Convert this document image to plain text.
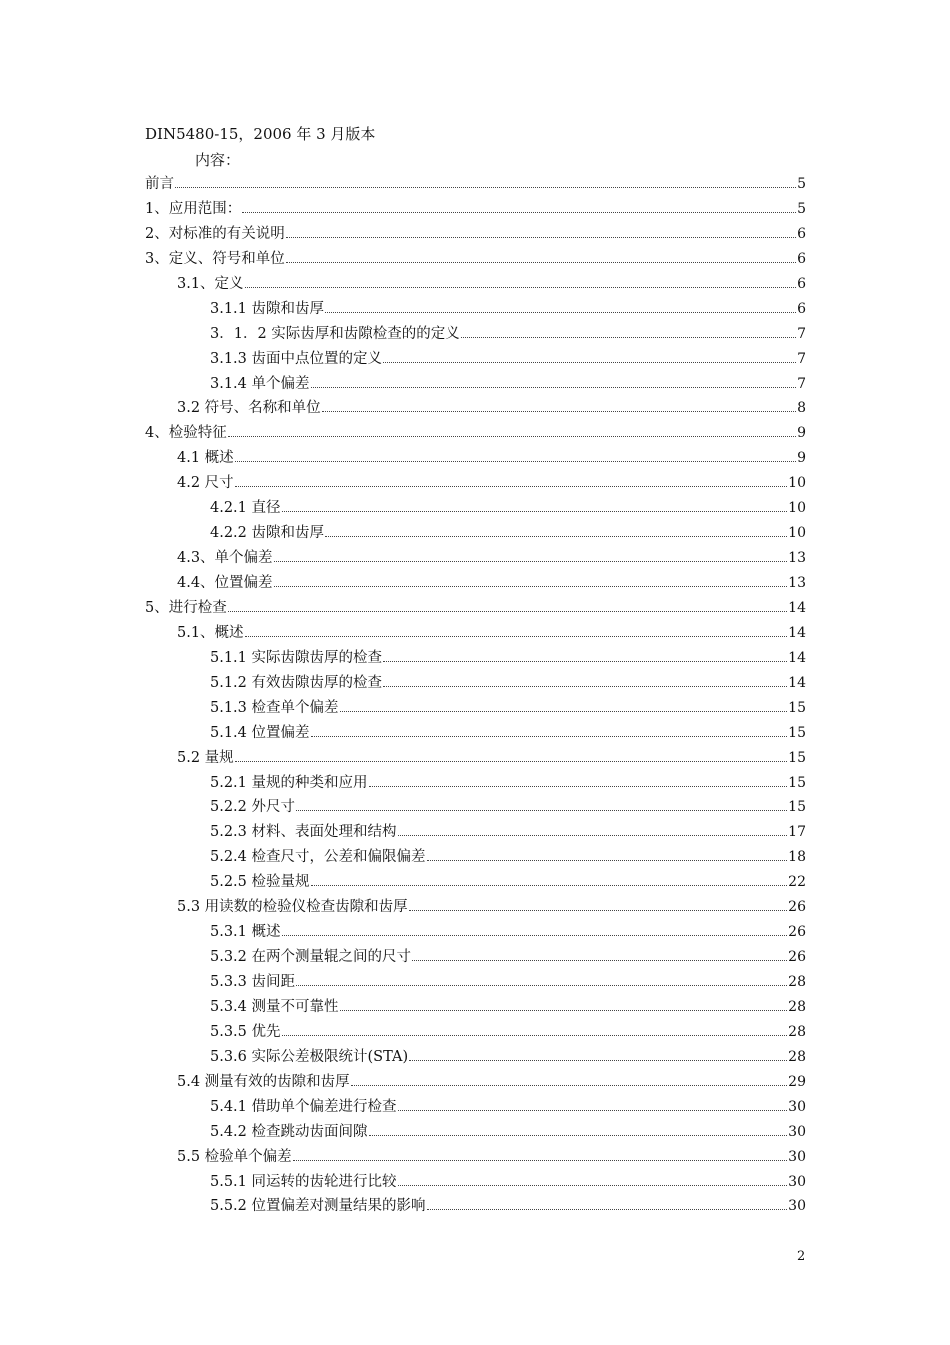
DIN5480-15，2006 年 3 月版本
内容：
前言	5
1、应用范围：	5
2、对标准的有关说明	6
3、定义、符号和单位	6
3.1、定义	6
3.1.1 齿隙和齿厚	6
3．1．2 实际齿厚和齿隙检查的的定义	7
3.1.3 齿面中点位置的定义	7
3.1.4 单个偏差	7
3.2 符号、名称和单位	8
4、检验特征	9
4.1 概述	9
4.2 尺寸	10
4.2.1 直径	10
4.2.2 齿隙和齿厚	10
4.3、单个偏差	13
4.4、位置偏差	13
5、进行检查	14
5.1、概述	14
5.1.1 实际齿隙齿厚的检查	14
5.1.2 有效齿隙齿厚的检查	14
5.1.3 检查单个偏差	15
5.1.4 位置偏差	15
5.2 量规	15
5.2.1 量规的种类和应用	15
5.2.2 外尺寸	15
5.2.3 材料、表面处理和结构	17
5.2.4 检查尺寸，公差和偏限偏差	18
5.2.5 检验量规	22
5.3 用读数的检验仪检查齿隙和齿厚	26
5.3.1 概述	26
5.3.2 在两个测量辊之间的尺寸	26
5.3.3 齿间距	28
5.3.4 测量不可靠性	28
5.3.5 优先	28
5.3.6 实际公差极限统计(STA)	28
5.4 测量有效的齿隙和齿厚	29
5.4.1 借助单个偏差进行检查	30
5.4.2 检查跳动齿面间隙	30
5.5 检验单个偏差	30
5.5.1 同运转的齿轮进行比较	30
5.5.2 位置偏差对测量结果的影响	30
2
